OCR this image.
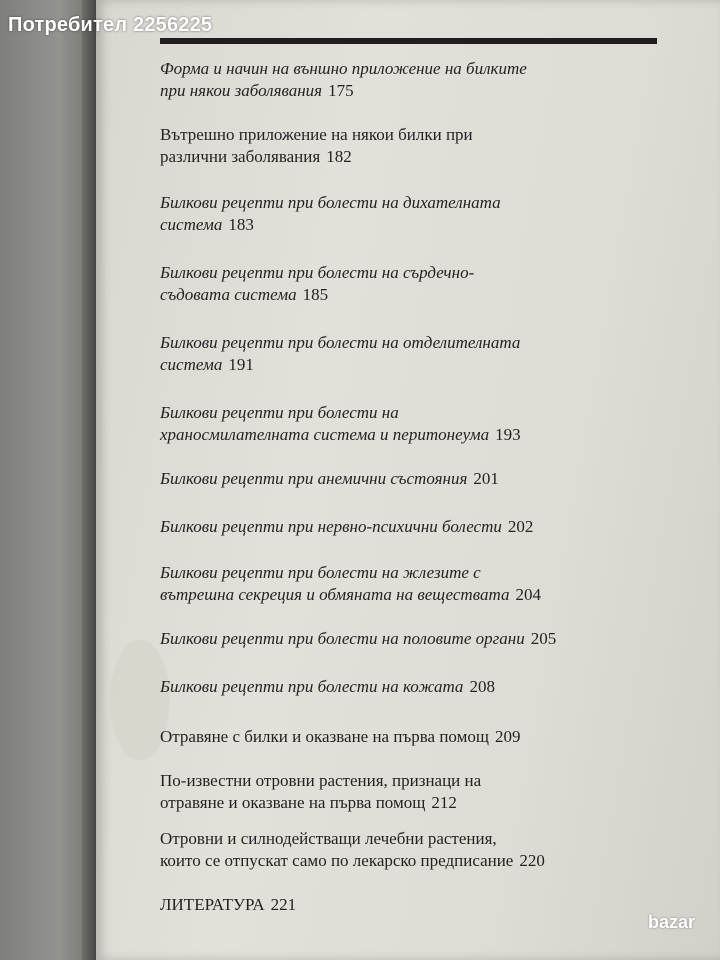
Потребител 2256225
Форма и начин на външно приложение на билките
при някои заболявания 175
Вътрешно приложение на някои билки при
различни заболявания 182
Билкови рецепти при болести на дихателната
система 183
Билкови рецепти при болести на сърдечно-
съдовата система 185
Билкови рецепти при болести на отделителната
система 191
Билкови рецепти при болести на
храносмилателната система и перитонеума 193
Билкови рецепти при анемични състояния 201
Билкови рецепти при нервно-психични болести 202
Билкови рецепти при болести на жлезите с
вътрешна секреция и обмяната на веществата 204
Билкови рецепти при болести на половите органи 205
Билкови рецепти при болести на кожата 208
Отравяне с билки и оказване на първа помощ 209
По-известни отровни растения, признаци на
отравяне и оказване на първа помощ 212
Отровни и силнодействащи лечебни растения,
които се отпускат само по лекарско предписание 220
ЛИТЕРАТУРА 221
bazar
